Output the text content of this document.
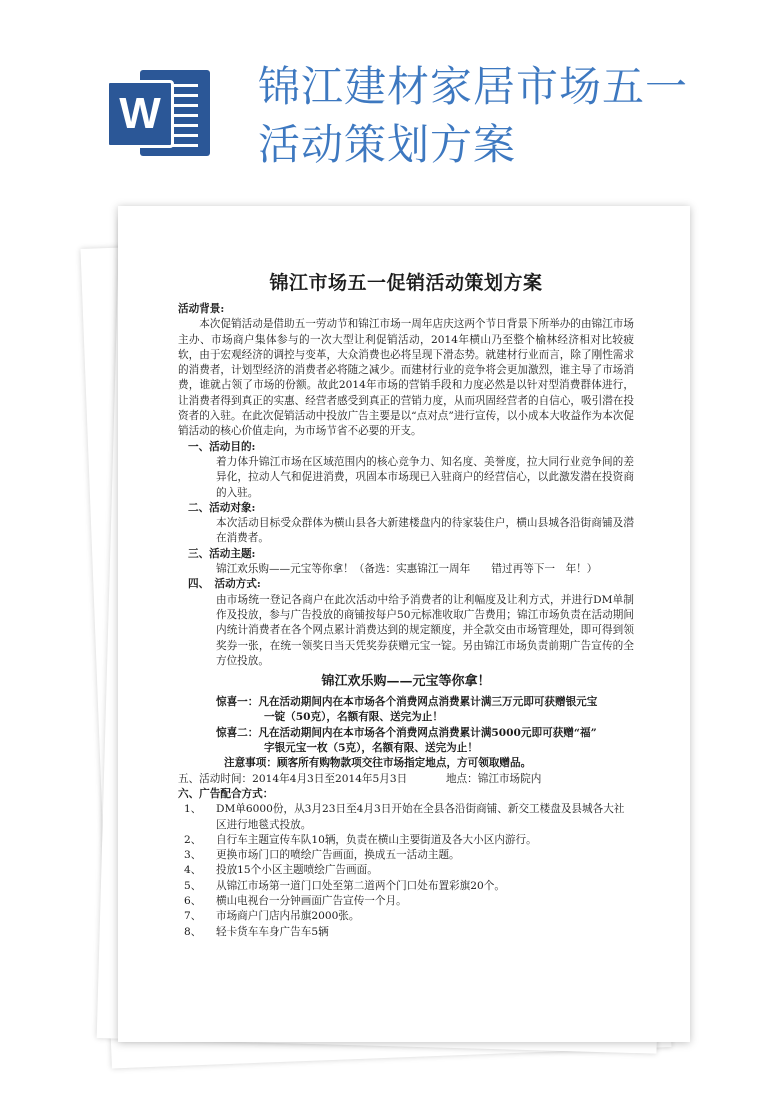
W
锦江建材家居市场五一
活动策划方案
锦江市场五一促销活动策划方案

活动背景:

本次促销活动是借助五一劳动节和锦江市场一周年店庆这两个节日背景下所举办的由锦江市场主办、市场商户集体参与的一次大型让利促销活动，2014年横山乃至整个榆林经济相对比较疲软，由于宏观经济的调控与变革，大众消费也必将呈现下滑态势。就建材行业而言，除了刚性需求的消费者，计划型经济的消费者必将随之减少。而建材行业的竞争将会更加激烈，谁主导了市场消费，谁就占领了市场的份额。故此2014年市场的营销手段和力度必然是以针对型消费群体进行，让消费者得到真正的实惠、经营者感受到真正的营销力度，从而巩固经营者的自信心，吸引潜在投资者的入驻。在此次促销活动中投放广告主要是以“点对点”进行宣传，以小成本大收益作为本次促销活动的核心价值走向，为市场节省不必要的开支。

一、活动目的:

着力体升锦江市场在区域范围内的核心竞争力、知名度、美誉度，拉大同行业竞争间的差异化，拉动人气和促进消费，巩固本市场现已入驻商户的经营信心，以此激发潜在投资商的入驻。

二、活动对象:

本次活动目标受众群体为横山县各大新建楼盘内的待家装住户，横山县城各沿街商铺及潜在消费者。

三、活动主题:

锦江欢乐购——元宝等你拿！（备选：实惠锦江一周年　　错过再等下一　年！）

四、　活动方式:

由市场统一登记各商户在此次活动中给予消费者的让利幅度及让利方式，并进行DM单制作及投放，参与广告投放的商铺按每户50元标准收取广告费用；锦江市场负责在活动期间内统计消费者在各个网点累计消费达到的规定额度，并全款交由市场管理处，即可得到领奖券一张，在统一领奖日当天凭奖券获赠元宝一锭。另由锦江市场负责前期广告宣传的全方位投放。

锦江欢乐购——元宝等你拿！

惊喜一：凡在活动期间内在本市场各个消费网点消费累计满三万元即可获赠银元宝
一锭（50克），名额有限、送完为止！

惊喜二：凡在活动期间内在本市场各个消费网点消费累计满5000元即可获赠“福”
字银元宝一枚（5克），名额有限、送完为止！

注意事项：顾客所有购物款项交往市场指定地点，方可领取赠品。

五、活动时间：2014年4月3日至2014年5月3日	地点：锦江市场院内

六、广告配合方式：

1、 DM单6000份，从3月23日至4月3日开始在全县各沿街商铺、新交工楼盘及县城各大社区进行地毯式投放。
2、 自行车主题宣传车队10辆，负责在横山主要街道及各大小区内游行。
3、 更换市场门口的喷绘广告画面，换成五一活动主题。
4、 投放15个小区主题喷绘广告画面。
5、 从锦江市场第一道门口处至第二道两个门口处布置彩旗20个。
6、 横山电视台一分钟画面广告宣传一个月。
7、 市场商户门店内吊旗2000张。
8、 轻卡货车车身广告车5辆
